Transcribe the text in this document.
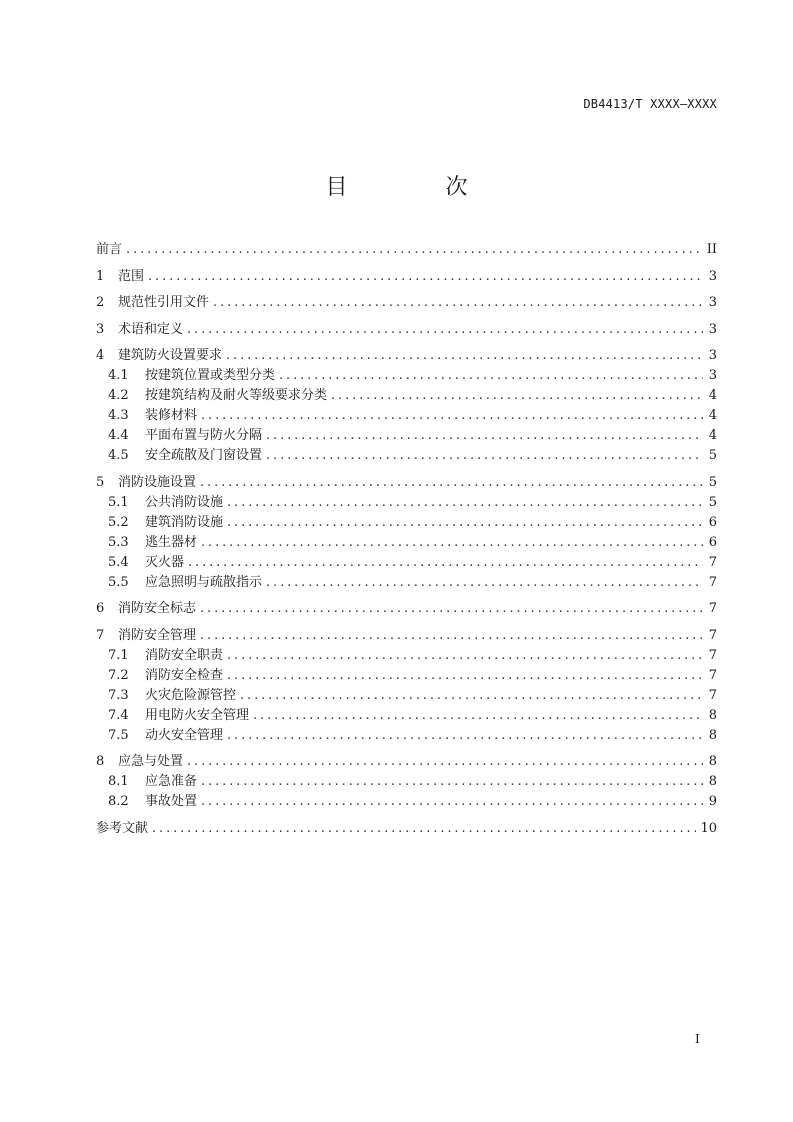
DB4413/T XXXX—XXXX
目　次
前言 .....	II
1	范围 .....	3
2	规范性引用文件 .....	3
3	术语和定义 .....	3
4	建筑防火设置要求 .....	3
4.1	按建筑位置或类型分类 .....	3
4.2	按建筑结构及耐火等级要求分类 .....	4
4.3	装修材料 .....	4
4.4	平面布置与防火分隔 .....	4
4.5	安全疏散及门窗设置 .....	5
5	消防设施设置 .....	5
5.1	公共消防设施 .....	5
5.2	建筑消防设施 .....	6
5.3	逃生器材 .....	6
5.4	灭火器 .....	7
5.5	应急照明与疏散指示 .....	7
6	消防安全标志 .....	7
7	消防安全管理 .....	7
7.1	消防安全职责 .....	7
7.2	消防安全检查 .....	7
7.3	火灾危险源管控 .....	7
7.4	用电防火安全管理 .....	8
7.5	动火安全管理 .....	8
8	应急与处置 .....	8
8.1	应急准备 .....	8
8.2	事故处置 .....	9
参考文献 .....	10
I
